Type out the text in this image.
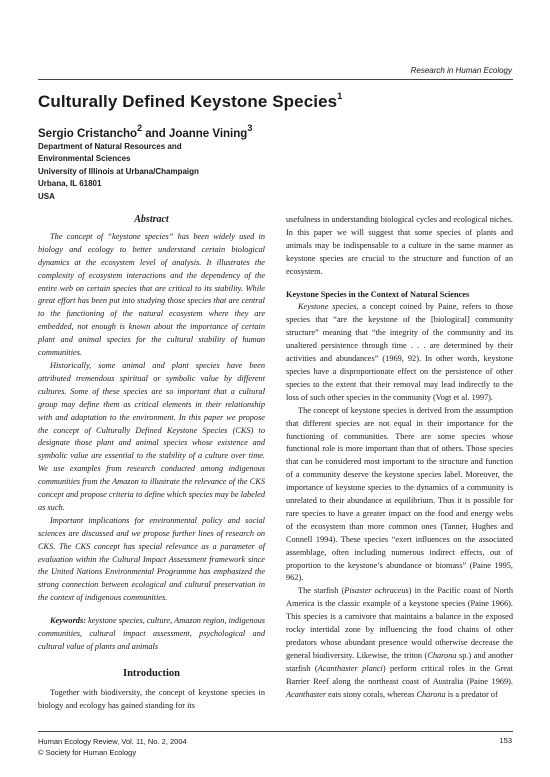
Research in Human Ecology
Culturally Defined Keystone Species$^1$
Sergio Cristancho$^2$ and Joanne Vining$^3$
Department of Natural Resources and
Environmental Sciences
University of Illinois at Urbana/Champaign
Urbana, IL 61801
USA
Abstract

The concept of “keystone species” has been widely used in biology and ecology to better understand certain biological dynamics at the ecosystem level of analysis. It illustrates the complexity of ecosystem interactions and the dependency of the entire web on certain species that are critical to its stability. While great effort has been put into studying those species that are central to the functioning of the natural ecosystem where they are embedded, not enough is known about the importance of certain plant and animal species for the cultural stability of human communities.

Historically, some animal and plant species have been attributed tremendous spiritual or symbolic value by different cultures. Some of these species are so important that a cultural group may define them as critical elements in their relationship with and adaptation to the environment. In this paper we propose the concept of Culturally Defined Keystone Species (CKS) to designate those plant and animal species whose existence and symbolic value are essential to the stability of a culture over time. We use examples from research conducted among indigenous communities from the Amazon to illustrate the relevance of the CKS concept and propose criteria to define which species may be labeled as such.

Important implications for environmental policy and social sciences are discussed and we propose further lines of research on CKS. The CKS concept has special relevance as a parameter of evaluation within the Cultural Impact Assessment framework since the United Nations Environmental Programme has emphasized the strong connection between ecological and cultural preservation in the context of indigenous communities.

Keywords: keystone species, culture, Amazon region, indigenous communities, cultural impact assessment, psychological and cultural value of plants and animals

Introduction

Together with biodiversity, the concept of keystone species in biology and ecology has gained standing for its

usefulness in understanding biological cycles and ecological niches. In this paper we will suggest that some species of plants and animals may be indispensable to a culture in the same manner as keystone species are crucial to the structure and function of an ecosystem.

Keystone Species in the Context of Natural Sciences

Keystone species, a concept coined by Paine, refers to those species that “are the keystone of the [biological] community structure” meaning that “the integrity of the community and its unaltered persistence through time . . . are determined by their activities and abundances” (1969, 92). In other words, keystone species have a disproportionate effect on the persistence of other species to the extent that their removal may lead indirectly to the loss of such other species in the community (Vogt et al. 1997).

The concept of keystone species is derived from the assumption that different species are not equal in their importance for the functioning of communities. There are some species whose functional role is more important than that of others. Those species that can be considered most important to the structure and function of a community deserve the keystone species label. Moreover, the importance of keystone species to the dynamics of a community is unrelated to their abundance at equilibrium. Thus it is possible for rare species to have a greater impact on the food and energy webs of the ecosystem than more common ones (Tanner, Hughes and Connell 1994). These species “exert influences on the associated assemblage, often including numerous indirect effects, out of proportion to the keystone’s abundance or biomass” (Paine 1995, 962).

The starfish (Pisaster ochraceus) in the Pacific coast of North America is the classic example of a keystone species (Paine 1966). This species is a carnivore that maintains a balance in the exposed rocky intertidal zone by influencing the food chains of other predators whose abundant presence would otherwise decrease the general biodiversity. Likewise, the triton (Charona sp.) and another starfish (Acanthaster planci) perform critical roles in the Great Barrier Reef along the northeast coast of Australia (Paine 1969). Acanthaster eats stony corals, whereas Charona is a predator of

Human Ecology Review, Vol. 11, No. 2, 2004
© Society for Human Ecology
153
